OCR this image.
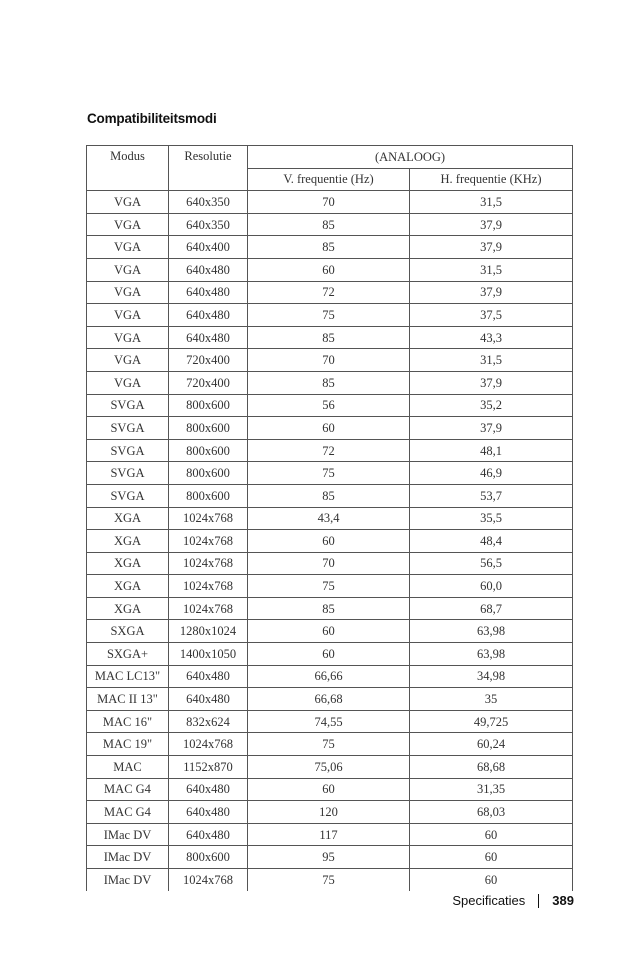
Compatibiliteitsmodi
Modus	Resolutie	(ANALOOG)	
		V. frequentie (Hz)	H. frequentie (KHz)
VGA	640x350	70	31,5
VGA	640x350	85	37,9
VGA	640x400	85	37,9
VGA	640x480	60	31,5
VGA	640x480	72	37,9
VGA	640x480	75	37,5
VGA	640x480	85	43,3
VGA	720x400	70	31,5
VGA	720x400	85	37,9
SVGA	800x600	56	35,2
SVGA	800x600	60	37,9
SVGA	800x600	72	48,1
SVGA	800x600	75	46,9
SVGA	800x600	85	53,7
XGA	1024x768	43,4	35,5
XGA	1024x768	60	48,4
XGA	1024x768	70	56,5
XGA	1024x768	75	60,0
XGA	1024x768	85	68,7
SXGA	1280x1024	60	63,98
SXGA+	1400x1050	60	63,98
MAC LC13"	640x480	66,66	34,98
MAC II 13"	640x480	66,68	35
MAC 16"	832x624	74,55	49,725
MAC 19"	1024x768	75	60,24
MAC	1152x870	75,06	68,68
MAC G4	640x480	60	31,35
MAC G4	640x480	120	68,03
IMac DV	640x480	117	60
IMac DV	800x600	95	60
IMac DV	1024x768	75	60
Specificaties 389
